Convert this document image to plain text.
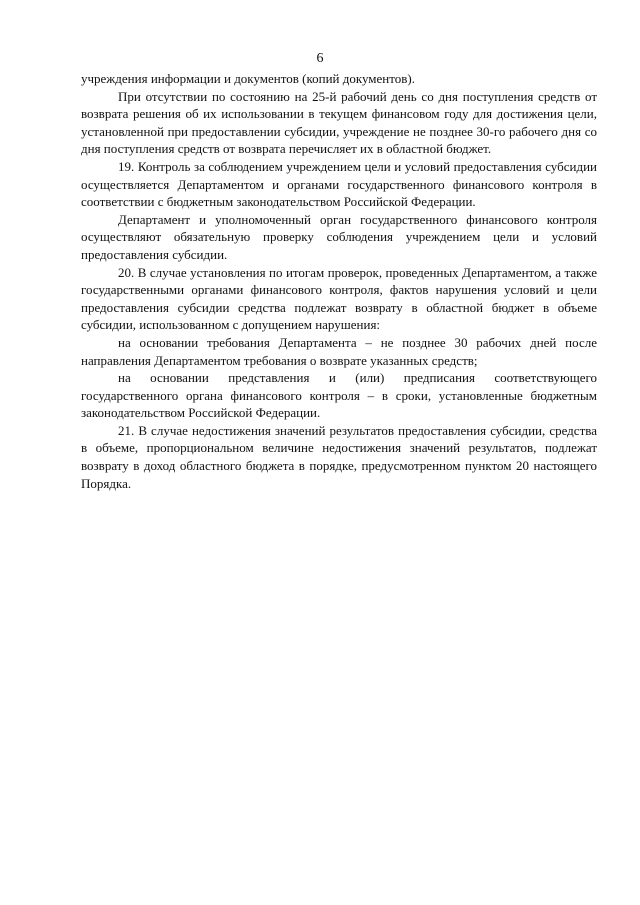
6

учреждения информации и документов (копий документов).

При отсутствии по состоянию на 25-й рабочий день со дня поступления средств от возврата решения об их использовании в текущем финансовом году для достижения цели, установленной при предоставлении субсидии, учреждение не позднее 30-го рабочего дня со дня поступления средств от возврата перечисляет их в областной бюджет.

19. Контроль за соблюдением учреждением цели и условий предоставления субсидии осуществляется Департаментом и органами государственного финансового контроля в соответствии с бюджетным законодательством Российской Федерации.

Департамент и уполномоченный орган государственного финансового контроля осуществляют обязательную проверку соблюдения учреждением цели и условий предоставления субсидии.

20. В случае установления по итогам проверок, проведенных Департаментом, а также государственными органами финансового контроля, фактов нарушения условий и цели предоставления субсидии средства подлежат возврату в областной бюджет в объеме субсидии, использованном с допущением нарушения:

на основании требования Департамента – не позднее 30 рабочих дней после направления Департаментом требования о возврате указанных средств;

на основании представления и (или) предписания соответствующего государственного органа финансового контроля – в сроки, установленные бюджетным законодательством Российской Федерации.

21. В случае недостижения значений результатов предоставления субсидии, средства в объеме, пропорциональном величине недостижения значений результатов, подлежат возврату в доход областного бюджета в порядке, предусмотренном пунктом 20 настоящего Порядка.
